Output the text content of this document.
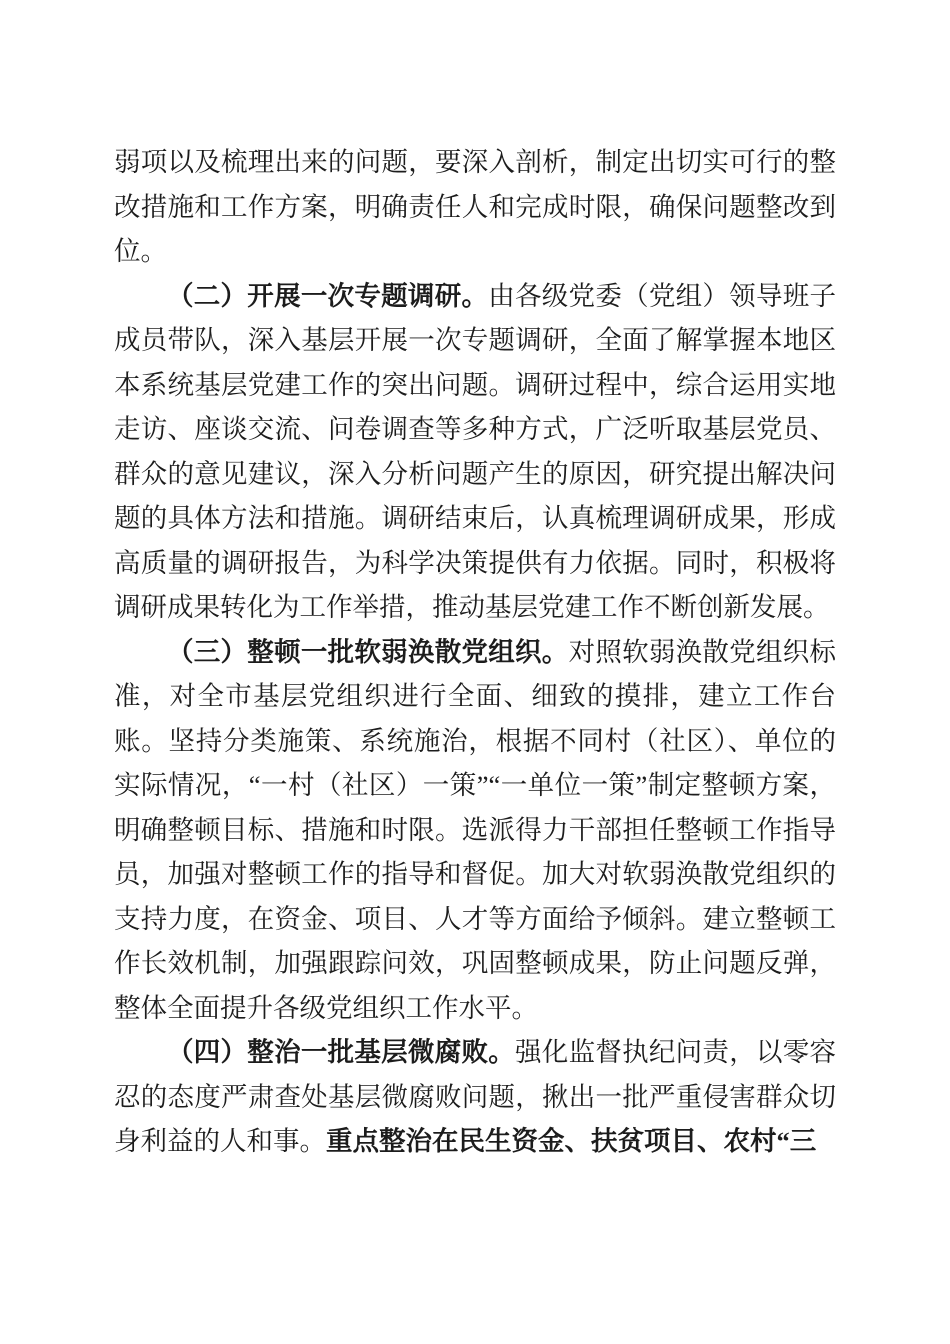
弱项以及梳理出来的问题，要深入剖析，制定出切实可行的整改措施和工作方案，明确责任人和完成时限，确保问题整改到位。

（二）开展一次专题调研。由各级党委（党组）领导班子成员带队，深入基层开展一次专题调研，全面了解掌握本地区本系统基层党建工作的突出问题。调研过程中，综合运用实地走访、座谈交流、问卷调查等多种方式，广泛听取基层党员、群众的意见建议，深入分析问题产生的原因，研究提出解决问题的具体方法和措施。调研结束后，认真梳理调研成果，形成高质量的调研报告，为科学决策提供有力依据。同时，积极将调研成果转化为工作举措，推动基层党建工作不断创新发展。

（三）整顿一批软弱涣散党组织。对照软弱涣散党组织标准，对全市基层党组织进行全面、细致的摸排，建立工作台账。坚持分类施策、系统施治，根据不同村（社区）、单位的实际情况，“一村（社区）一策”“一单位一策”制定整顿方案，明确整顿目标、措施和时限。选派得力干部担任整顿工作指导员，加强对整顿工作的指导和督促。加大对软弱涣散党组织的支持力度，在资金、项目、人才等方面给予倾斜。建立整顿工作长效机制，加强跟踪问效，巩固整顿成果，防止问题反弹，整体全面提升各级党组织工作水平。

（四）整治一批基层微腐败。强化监督执纪问责，以零容忍的态度严肃查处基层微腐败问题，揪出一批严重侵害群众切身利益的人和事。重点整治在民生资金、扶贫项目、农村“三
